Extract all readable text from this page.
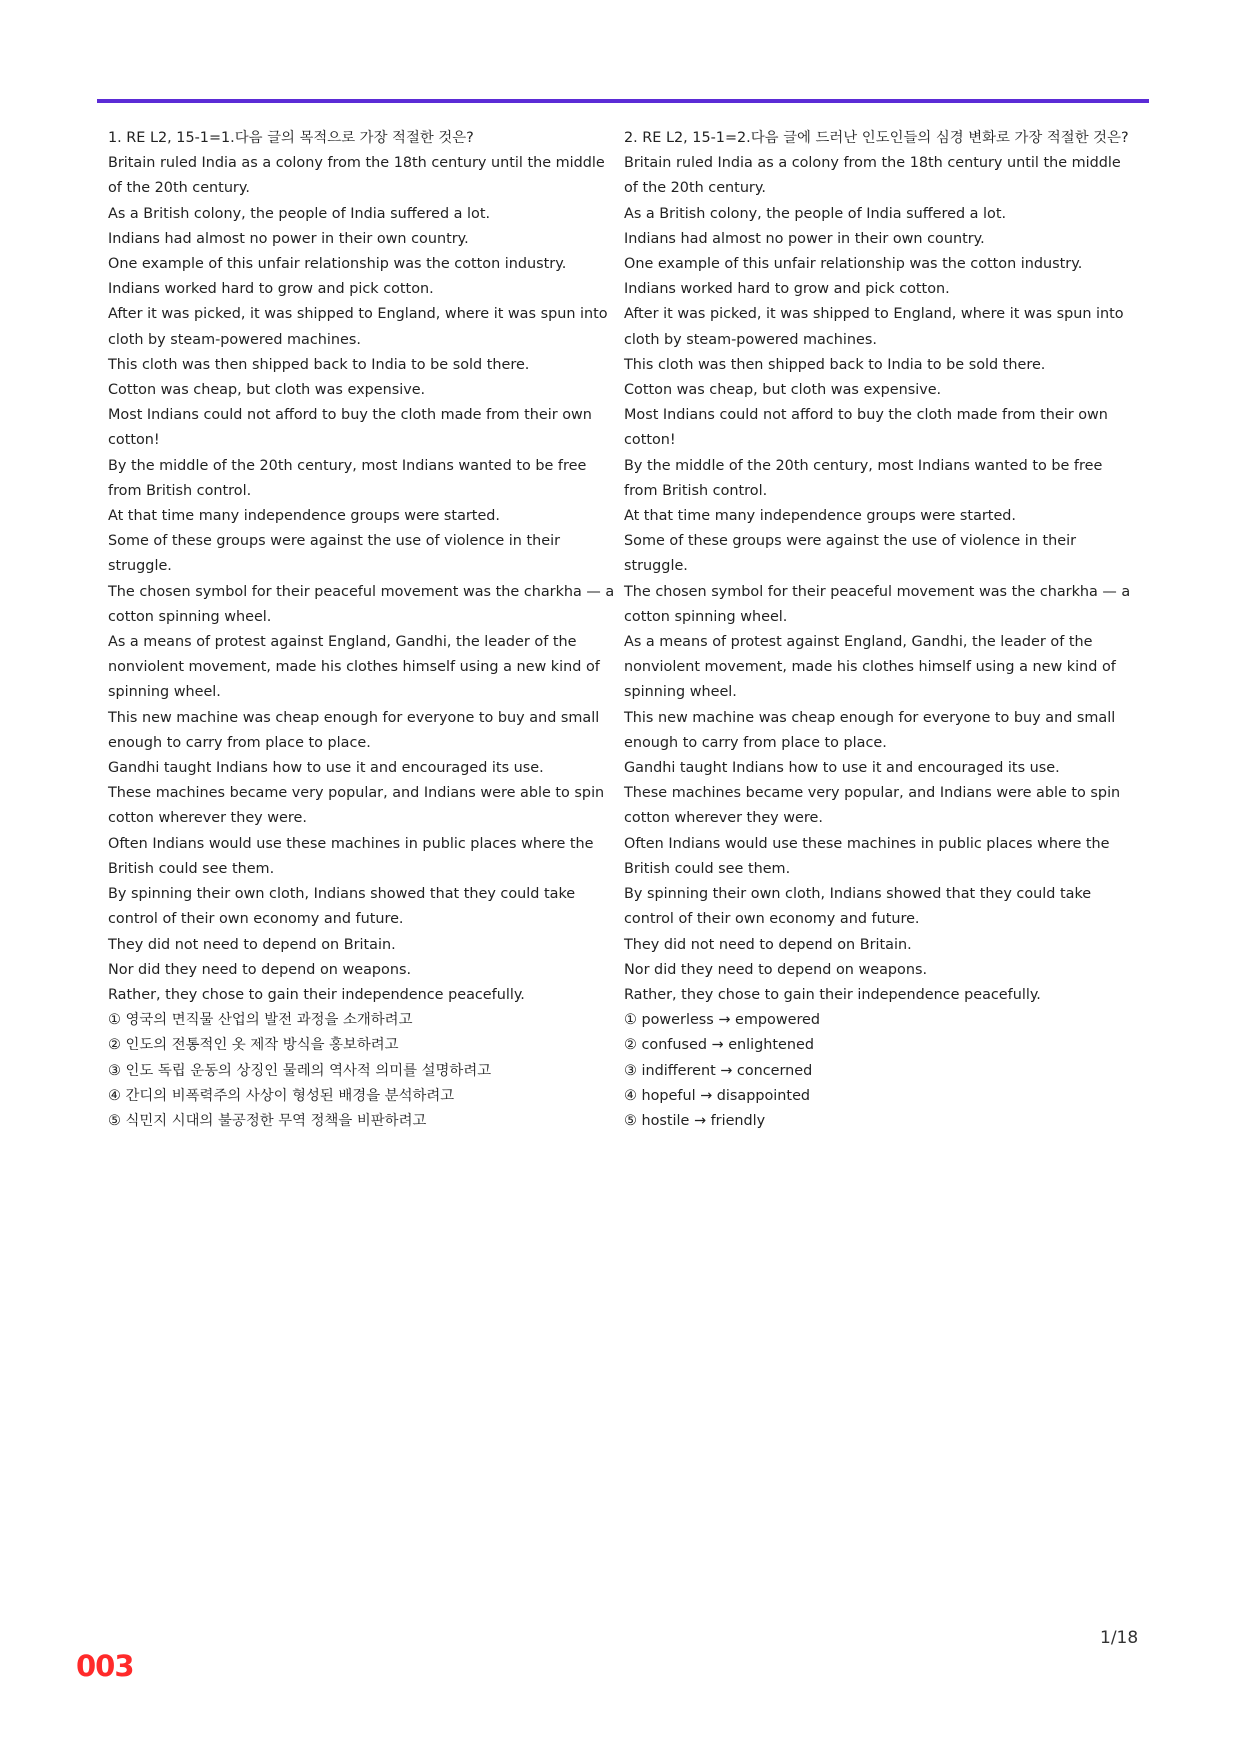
1. RE L2, 15-1=1.다음 글의 목적으로 가장 적절한 것은?

Britain ruled India as a colony from the 18th century until the middle of the 20th century.

As a British colony, the people of India suffered a lot.

Indians had almost no power in their own country.

One example of this unfair relationship was the cotton industry.

Indians worked hard to grow and pick cotton.

After it was picked, it was shipped to England, where it was spun into cloth by steam-powered machines.

This cloth was then shipped back to India to be sold there.

Cotton was cheap, but cloth was expensive.

Most Indians could not afford to buy the cloth made from their own cotton!

By the middle of the 20th century, most Indians wanted to be free from British control.

At that time many independence groups were started.

Some of these groups were against the use of violence in their struggle.

The chosen symbol for their peaceful movement was the charkha — a cotton spinning wheel.

As a means of protest against England, Gandhi, the leader of the nonviolent movement, made his clothes himself using a new kind of spinning wheel.

This new machine was cheap enough for everyone to buy and small enough to carry from place to place.

Gandhi taught Indians how to use it and encouraged its use.

These machines became very popular, and Indians were able to spin cotton wherever they were.

Often Indians would use these machines in public places where the British could see them.

By spinning their own cloth, Indians showed that they could take control of their own economy and future.

They did not need to depend on Britain.

Nor did they need to depend on weapons.

Rather, they chose to gain their independence peacefully.

① 영국의 면직물 산업의 발전 과정을 소개하려고

② 인도의 전통적인 옷 제작 방식을 홍보하려고

③ 인도 독립 운동의 상징인 물레의 역사적 의미를 설명하려고

④ 간디의 비폭력주의 사상이 형성된 배경을 분석하려고

⑤ 식민지 시대의 불공정한 무역 정책을 비판하려고

2. RE L2, 15-1=2.다음 글에 드러난 인도인들의 심경 변화로 가장 적절한 것은?

Britain ruled India as a colony from the 18th century until the middle of the 20th century.

As a British colony, the people of India suffered a lot.

Indians had almost no power in their own country.

One example of this unfair relationship was the cotton industry.

Indians worked hard to grow and pick cotton.

After it was picked, it was shipped to England, where it was spun into cloth by steam-powered machines.

This cloth was then shipped back to India to be sold there.

Cotton was cheap, but cloth was expensive.

Most Indians could not afford to buy the cloth made from their own cotton!

By the middle of the 20th century, most Indians wanted to be free from British control.

At that time many independence groups were started.

Some of these groups were against the use of violence in their struggle.

The chosen symbol for their peaceful movement was the charkha — a cotton spinning wheel.

As a means of protest against England, Gandhi, the leader of the nonviolent movement, made his clothes himself using a new kind of spinning wheel.

This new machine was cheap enough for everyone to buy and small enough to carry from place to place.

Gandhi taught Indians how to use it and encouraged its use.

These machines became very popular, and Indians were able to spin cotton wherever they were.

Often Indians would use these machines in public places where the British could see them.

By spinning their own cloth, Indians showed that they could take control of their own economy and future.

They did not need to depend on Britain.

Nor did they need to depend on weapons.

Rather, they chose to gain their independence peacefully.

① powerless → empowered

② confused → enlightened

③ indifferent → concerned

④ hopeful → disappointed

⑤ hostile → friendly

1/18
003
